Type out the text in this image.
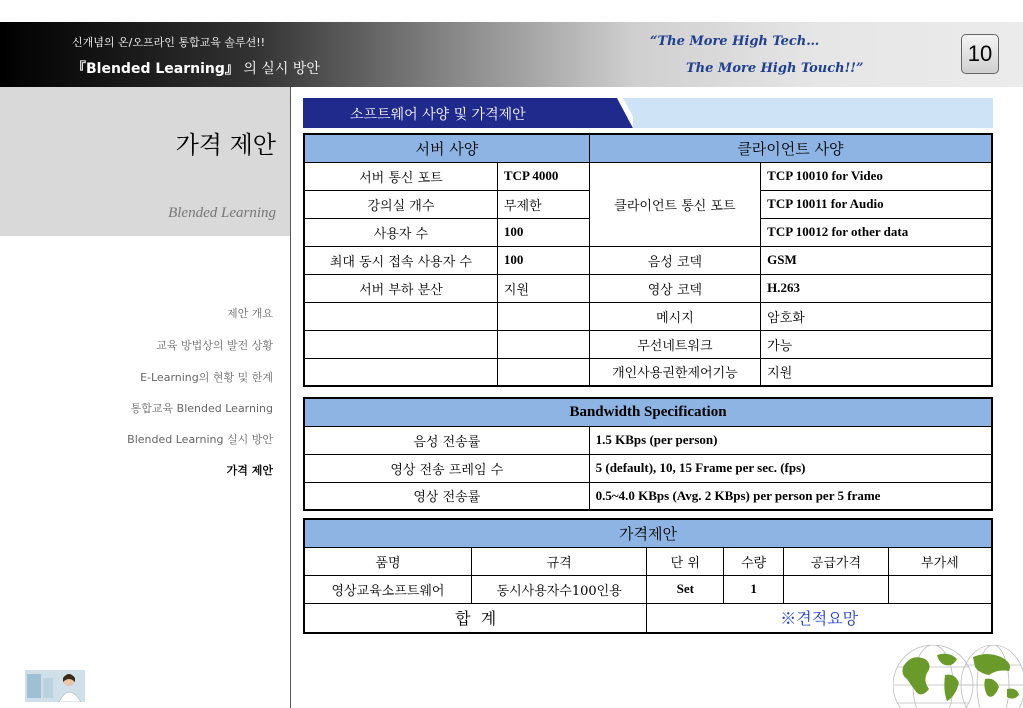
신개념의 온/오프라인 통합교육 솔루션!!
『Blended Learning』 의 실시 방안
“The More High Tech…
The More High Touch!!”
10
가격 제안
Blended Learning
제안 개요
교육 방법상의 발전 상황
E-Learning의 현황 및 한계
통합교육 Blended Learning
Blended Learning 실시 방안
가격 제안
소프트웨어 사양 및 가격제안
서버 사양		클라이언트 사양	
서버 통신 포트	TCP 4000	클라이언트 통신 포트	TCP 10010 for Video
강의실 개수	무제한		TCP 10011 for Audio
사용자 수	100		TCP 10012 for other data
최대 동시 접속 사용자 수	100	음성 코덱	GSM
서버 부하 분산	지원	영상 코덱	H.263
		메시지	암호화
		무선네트워크	가능
		개인사용권한제어기능	지원
Bandwidth Specification	
음성 전송률	1.5 KBps (per person)
영상 전송 프레임 수	5 (default), 10, 15 Frame per sec. (fps)
영상 전송률	0.5~4.0 KBps (Avg. 2 KBps) per person per 5 frame
가격제안					
품명	규격	단 위	수량	공급가격	부가세
영상교육소프트웨어	동시사용자수100인용	Set	1		
합  계		※견적요망			
